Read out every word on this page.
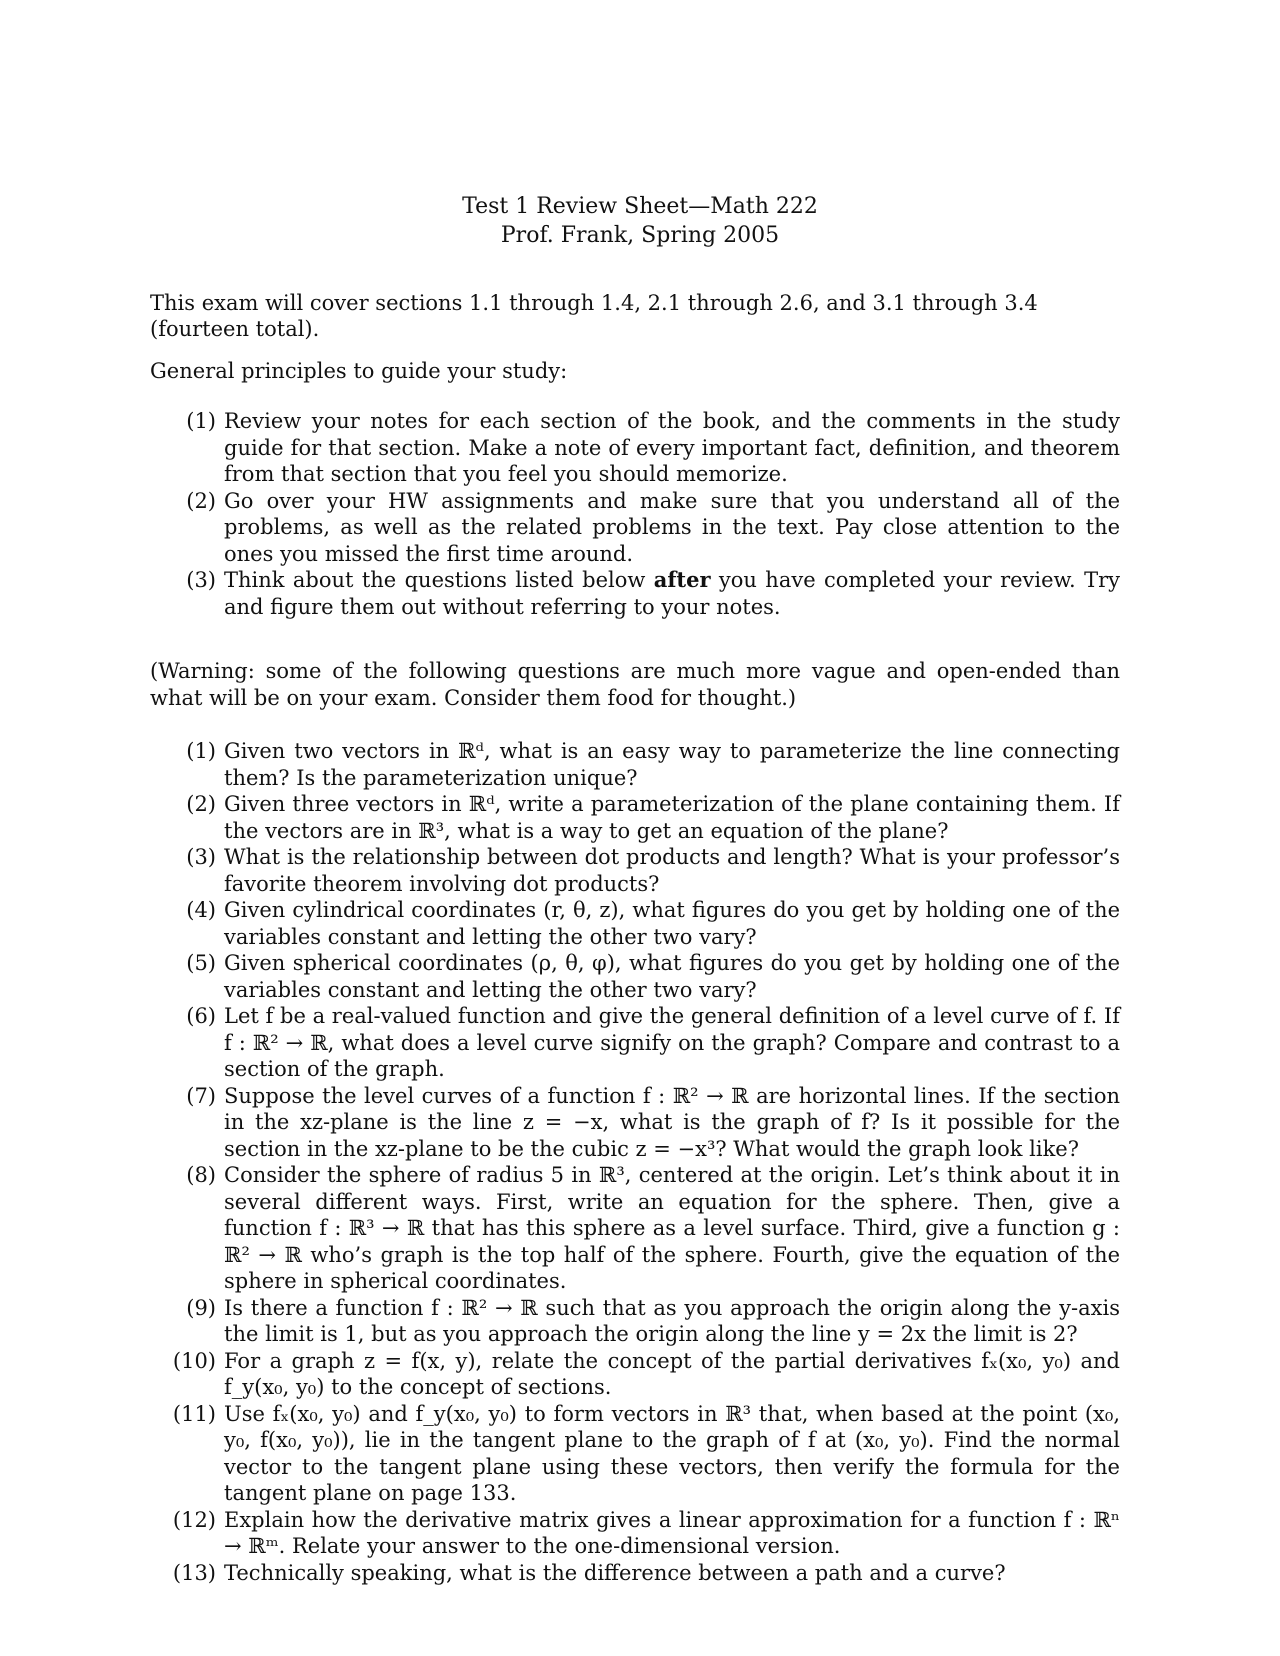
Test 1 Review Sheet—Math 222
Prof. Frank, Spring 2005
This exam will cover sections 1.1 through 1.4, 2.1 through 2.6, and 3.1 through 3.4 (fourteen total).
General principles to guide your study:
(1) Review your notes for each section of the book, and the comments in the study guide for that section. Make a note of every important fact, definition, and theorem from that section that you feel you should memorize.
(2) Go over your HW assignments and make sure that you understand all of the problems, as well as the related problems in the text. Pay close attention to the ones you missed the first time around.
(3) Think about the questions listed below after you have completed your review. Try and figure them out without referring to your notes.
(Warning: some of the following questions are much more vague and open-ended than what will be on your exam. Consider them food for thought.)
(1) Given two vectors in ℝᵈ, what is an easy way to parameterize the line connecting them? Is the parameterization unique?
(2) Given three vectors in ℝᵈ, write a parameterization of the plane containing them. If the vectors are in ℝ³, what is a way to get an equation of the plane?
(3) What is the relationship between dot products and length? What is your professor’s favorite theorem involving dot products?
(4) Given cylindrical coordinates (r, θ, z), what figures do you get by holding one of the variables constant and letting the other two vary?
(5) Given spherical coordinates (ρ, θ, φ), what figures do you get by holding one of the variables constant and letting the other two vary?
(6) Let f be a real-valued function and give the general definition of a level curve of f. If f : ℝ² → ℝ, what does a level curve signify on the graph? Compare and contrast to a section of the graph.
(7) Suppose the level curves of a function f : ℝ² → ℝ are horizontal lines. If the section in the xz-plane is the line z = −x, what is the graph of f? Is it possible for the section in the xz-plane to be the cubic z = −x³? What would the graph look like?
(8) Consider the sphere of radius 5 in ℝ³, centered at the origin. Let’s think about it in several different ways. First, write an equation for the sphere. Then, give a function f : ℝ³ → ℝ that has this sphere as a level surface. Third, give a function g : ℝ² → ℝ who’s graph is the top half of the sphere. Fourth, give the equation of the sphere in spherical coordinates.
(9) Is there a function f : ℝ² → ℝ such that as you approach the origin along the y-axis the limit is 1, but as you approach the origin along the line y = 2x the limit is 2?
(10) For a graph z = f(x, y), relate the concept of the partial derivatives fₓ(x₀, y₀) and f_y(x₀, y₀) to the concept of sections.
(11) Use fₓ(x₀, y₀) and f_y(x₀, y₀) to form vectors in ℝ³ that, when based at the point (x₀, y₀, f(x₀, y₀)), lie in the tangent plane to the graph of f at (x₀, y₀). Find the normal vector to the tangent plane using these vectors, then verify the formula for the tangent plane on page 133.
(12) Explain how the derivative matrix gives a linear approximation for a function f : ℝⁿ → ℝᵐ. Relate your answer to the one-dimensional version.
(13) Technically speaking, what is the difference between a path and a curve?
